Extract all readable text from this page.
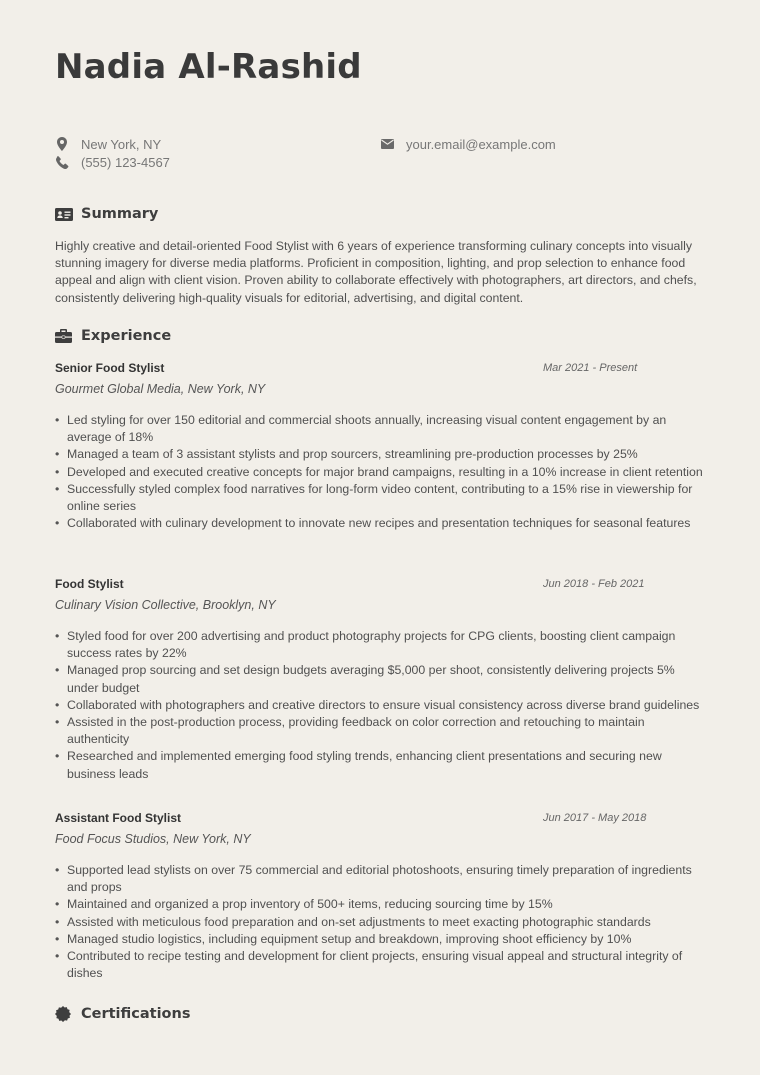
Nadia Al-Rashid
New York, NY
(555) 123-4567
your.email@example.com
Summary

Highly creative and detail-oriented Food Stylist with 6 years of experience transforming culinary concepts into visually stunning imagery for diverse media platforms. Proficient in composition, lighting, and prop selection to enhance food appeal and align with client vision. Proven ability to collaborate effectively with photographers, art directors, and chefs, consistently delivering high-quality visuals for editorial, advertising, and digital content.

Experience
Senior Food Stylist	Mar 2021 - Present
Gourmet Global Media, New York, NY
• Led styling for over 150 editorial and commercial shoots annually, increasing visual content engagement by an average of 18%
• Managed a team of 3 assistant stylists and prop sourcers, streamlining pre-production processes by 25%
• Developed and executed creative concepts for major brand campaigns, resulting in a 10% increase in client retention
• Successfully styled complex food narratives for long-form video content, contributing to a 15% rise in viewership for online series
• Collaborated with culinary development to innovate new recipes and presentation techniques for seasonal features
Food Stylist	Jun 2018 - Feb 2021
Culinary Vision Collective, Brooklyn, NY
• Styled food for over 200 advertising and product photography projects for CPG clients, boosting client campaign success rates by 22%
• Managed prop sourcing and set design budgets averaging $5,000 per shoot, consistently delivering projects 5% under budget
• Collaborated with photographers and creative directors to ensure visual consistency across diverse brand guidelines
• Assisted in the post-production process, providing feedback on color correction and retouching to maintain authenticity
• Researched and implemented emerging food styling trends, enhancing client presentations and securing new business leads
Assistant Food Stylist	Jun 2017 - May 2018
Food Focus Studios, New York, NY
• Supported lead stylists on over 75 commercial and editorial photoshoots, ensuring timely preparation of ingredients and props
• Maintained and organized a prop inventory of 500+ items, reducing sourcing time by 15%
• Assisted with meticulous food preparation and on-set adjustments to meet exacting photographic standards
• Managed studio logistics, including equipment setup and breakdown, improving shoot efficiency by 10%
• Contributed to recipe testing and development for client projects, ensuring visual appeal and structural integrity of dishes
Certifications
